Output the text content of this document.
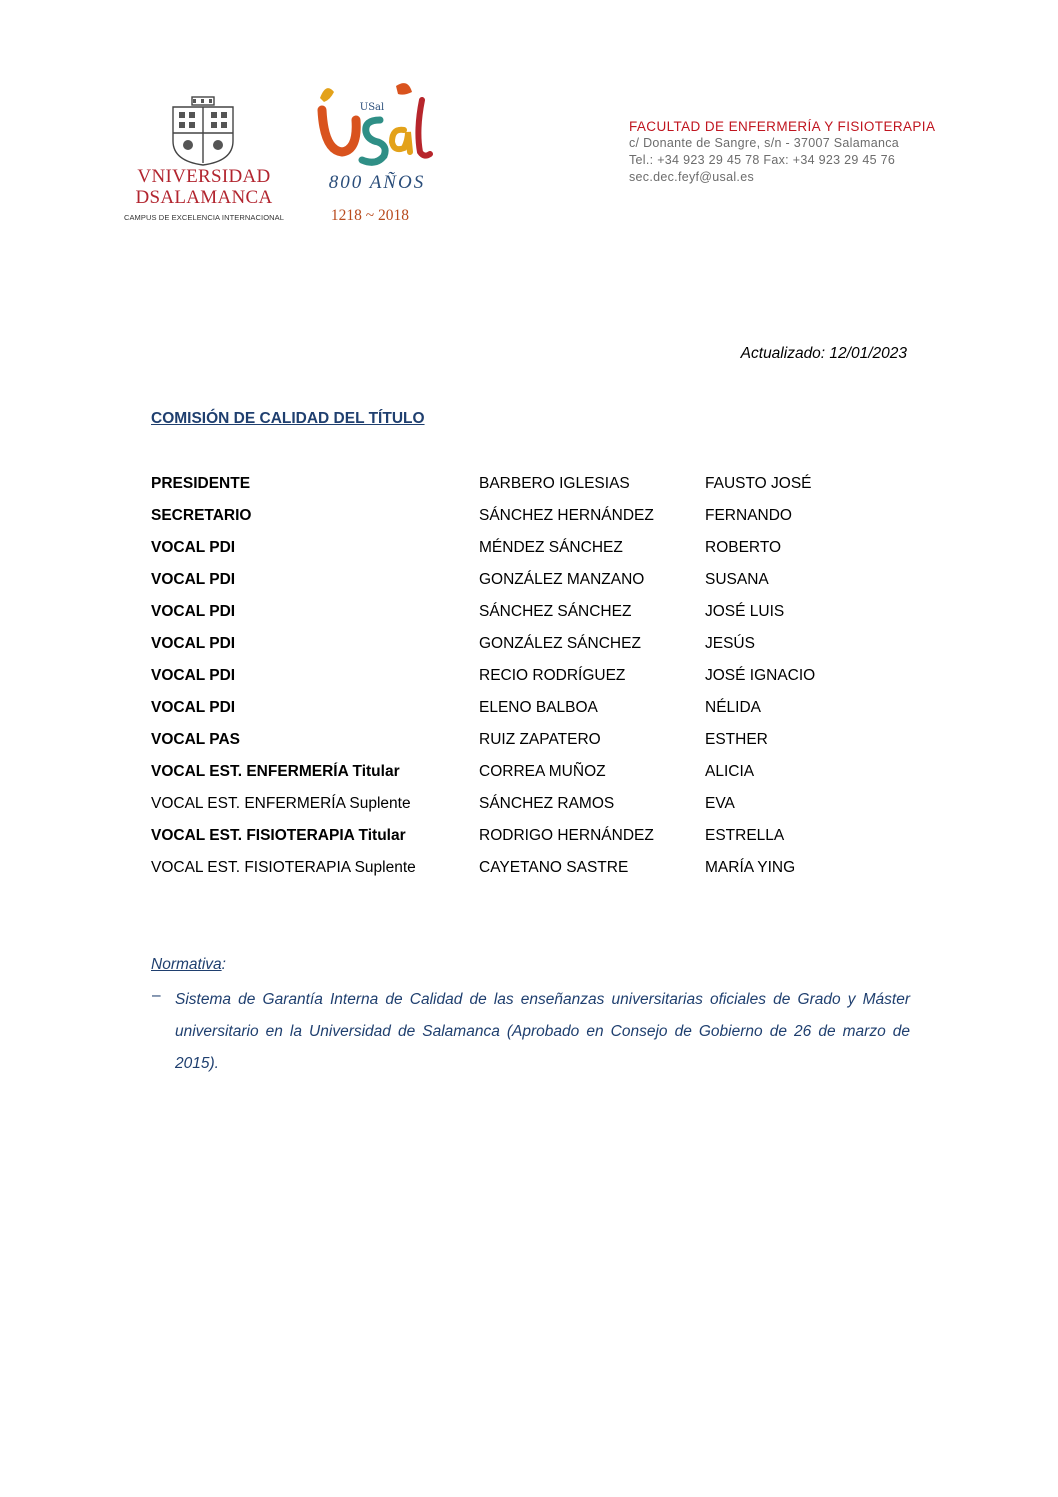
VNIVERSIDAD
DSALAMANCA
CAMPUS DE EXCELENCIA INTERNACIONAL
USal
800 AÑOS
1218 ~ 2018
FACULTAD DE ENFERMERÍA Y FISIOTERAPIA
c/ Donante de Sangre, s/n - 37007 Salamanca
Tel.: +34 923 29 45 78 Fax: +34 923 29 45 76
sec.dec.feyf@usal.es
Actualizado: 12/01/2023
COMISIÓN DE CALIDAD DEL TÍTULO
PRESIDENTE	BARBERO IGLESIAS	FAUSTO JOSÉ
SECRETARIO	SÁNCHEZ HERNÁNDEZ	FERNANDO
VOCAL PDI	MÉNDEZ SÁNCHEZ	ROBERTO
VOCAL PDI	GONZÁLEZ MANZANO	SUSANA
VOCAL PDI	SÁNCHEZ SÁNCHEZ	JOSÉ LUIS
VOCAL PDI	GONZÁLEZ SÁNCHEZ	JESÚS
VOCAL PDI	RECIO RODRÍGUEZ	JOSÉ IGNACIO
VOCAL PDI	ELENO BALBOA	NÉLIDA
VOCAL PAS	RUIZ ZAPATERO	ESTHER
VOCAL EST. ENFERMERÍA Titular	CORREA MUÑOZ	ALICIA
VOCAL EST. ENFERMERÍA Suplente	SÁNCHEZ RAMOS	EVA
VOCAL EST. FISIOTERAPIA Titular	RODRIGO HERNÁNDEZ	ESTRELLA
VOCAL EST. FISIOTERAPIA Suplente	CAYETANO SASTRE	MARÍA YING
Normativa:
– Sistema de Garantía Interna de Calidad de las enseñanzas universitarias oficiales de Grado y Máster universitario en la Universidad de Salamanca (Aprobado en Consejo de Gobierno de 26 de marzo de 2015).
